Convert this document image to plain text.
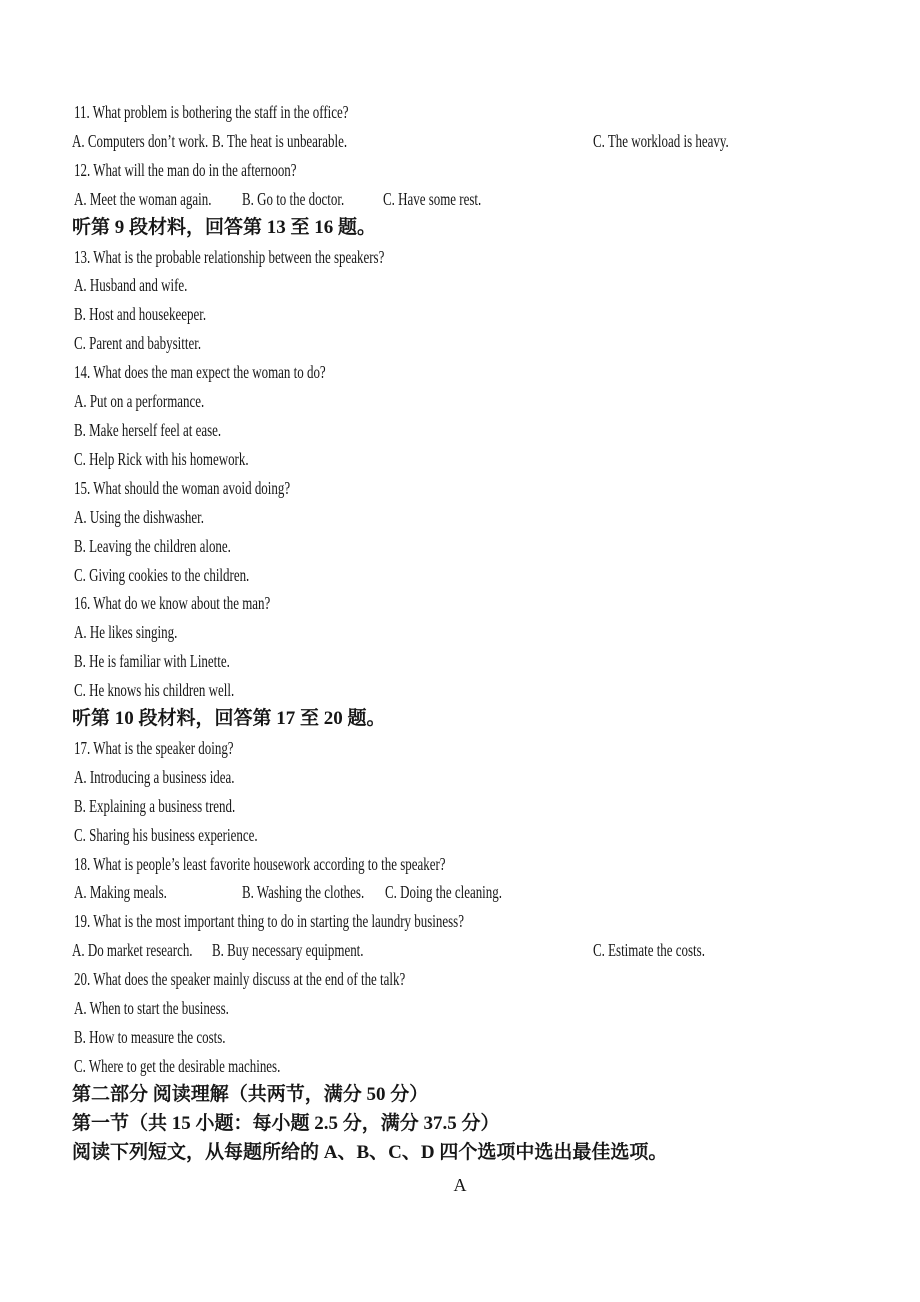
11. What problem is bothering the staff in the office?

A. Computers don’t work.

B. The heat is unbearable.

	C. The workload is heavy.

12. What will the man do in the afternoon?

A. Meet the woman again.

B. Go to the doctor.

C. Have some rest.

听第 9 段材料，回答第 13 至 16 题。
13. What is the probable relationship between the speakers?
A. Husband and wife.
B. Host and housekeeper.
C. Parent and babysitter.
14. What does the man expect the woman to do?
A. Put on a performance.
B. Make herself feel at ease.
C. Help Rick with his homework.
15. What should the woman avoid doing?
A. Using the dishwasher.
B. Leaving the children alone.
C. Giving cookies to the children.
16. What do we know about the man?
A. He likes singing.
B. He is familiar with Linette.
C. He knows his children well.
听第 10 段材料，回答第 17 至 20 题。
17. What is the speaker doing?
A. Introducing a business idea.
B. Explaining a business trend.
C. Sharing his business experience.
18. What is people’s least favorite housework according to the speaker?

A. Making meals.

	B. Washing the clothes.

C. Doing the cleaning.

19. What is the most important thing to do in starting the laundry business?

A. Do market research.

B. Buy necessary equipment.

	C. Estimate the costs.

20. What does the speaker mainly discuss at the end of the talk?
A. When to start the business.
B. How to measure the costs.
C. Where to get the desirable machines.
第二部分 阅读理解（共两节，满分 50 分）
第一节（共 15 小题：每小题 2.5 分，满分 37.5 分）
阅读下列短文，从每题所给的 A、B、C、D 四个选项中选出最佳选项。
A
